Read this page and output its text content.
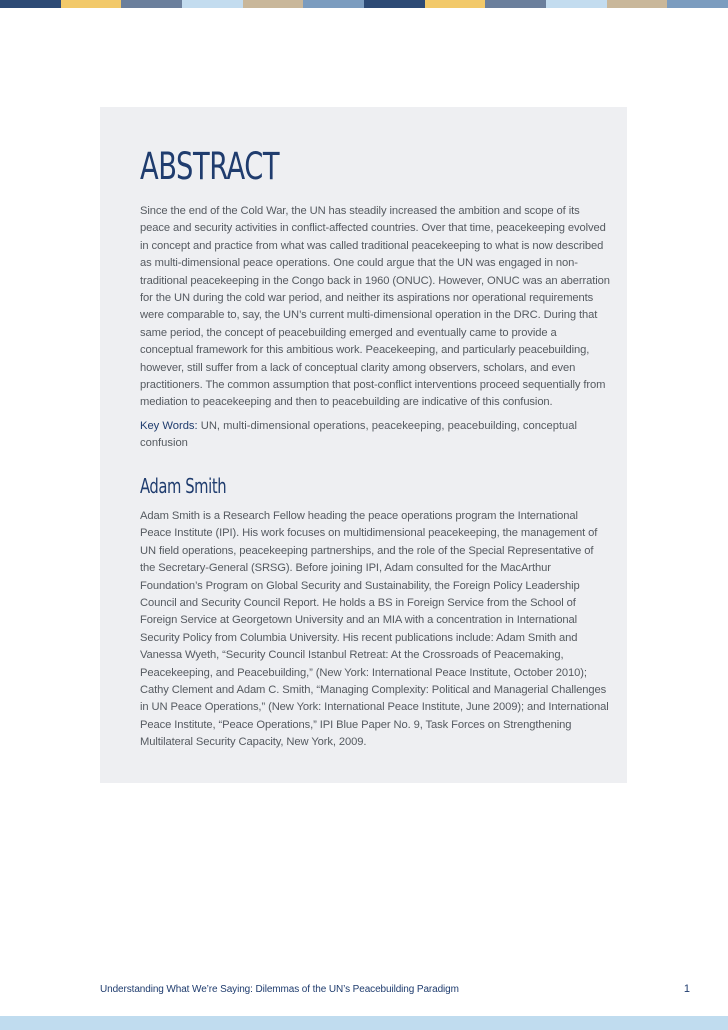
ABSTRACT

Since the end of the Cold War, the UN has steadily increased the ambition and scope of its peace and security activities in conflict-affected countries. Over that time, peacekeeping evolved in concept and practice from what was called traditional peacekeeping to what is now described as multi-dimensional peace operations. One could argue that the UN was engaged in non-traditional peacekeeping in the Congo back in 1960 (ONUC). However, ONUC was an aberration for the UN during the cold war period, and neither its aspirations nor operational requirements were comparable to, say, the UN’s current multi-dimensional operation in the DRC. During that same period, the concept of peacebuilding emerged and eventually came to provide a conceptual framework for this ambitious work. Peacekeeping, and particularly peacebuilding, however, still suffer from a lack of conceptual clarity among observers, scholars, and even practitioners. The common assumption that post-conflict interventions proceed sequentially from mediation to peacekeeping and then to peacebuilding are indicative of this confusion.

Key Words: UN, multi-dimensional operations, peacekeeping, peacebuilding, conceptual confusion

Adam Smith

Adam Smith is a Research Fellow heading the peace operations program the International Peace Institute (IPI). His work focuses on multidimensional peacekeeping, the management of UN field operations, peacekeeping partnerships, and the role of the Special Representative of the Secretary-General (SRSG). Before joining IPI, Adam consulted for the MacArthur Foundation’s Program on Global Security and Sustainability, the Foreign Policy Leadership Council and Security Council Report. He holds a BS in Foreign Service from the School of Foreign Service at Georgetown University and an MIA with a concentration in International Security Policy from Columbia University. His recent publications include: Adam Smith and Vanessa Wyeth, “Security Council Istanbul Retreat: At the Crossroads of Peacemaking, Peacekeeping, and Peacebuilding,” (New York: International Peace Institute, October 2010); Cathy Clement and Adam C. Smith, “Managing Complexity: Political and Managerial Challenges in UN Peace Operations,” (New York: International Peace Institute, June 2009); and International Peace Institute, “Peace Operations,” IPI Blue Paper No. 9, Task Forces on Strengthening Multilateral Security Capacity, New York, 2009.

Understanding What We’re Saying: Dilemmas of the UN’s Peacebuilding Paradigm	1
